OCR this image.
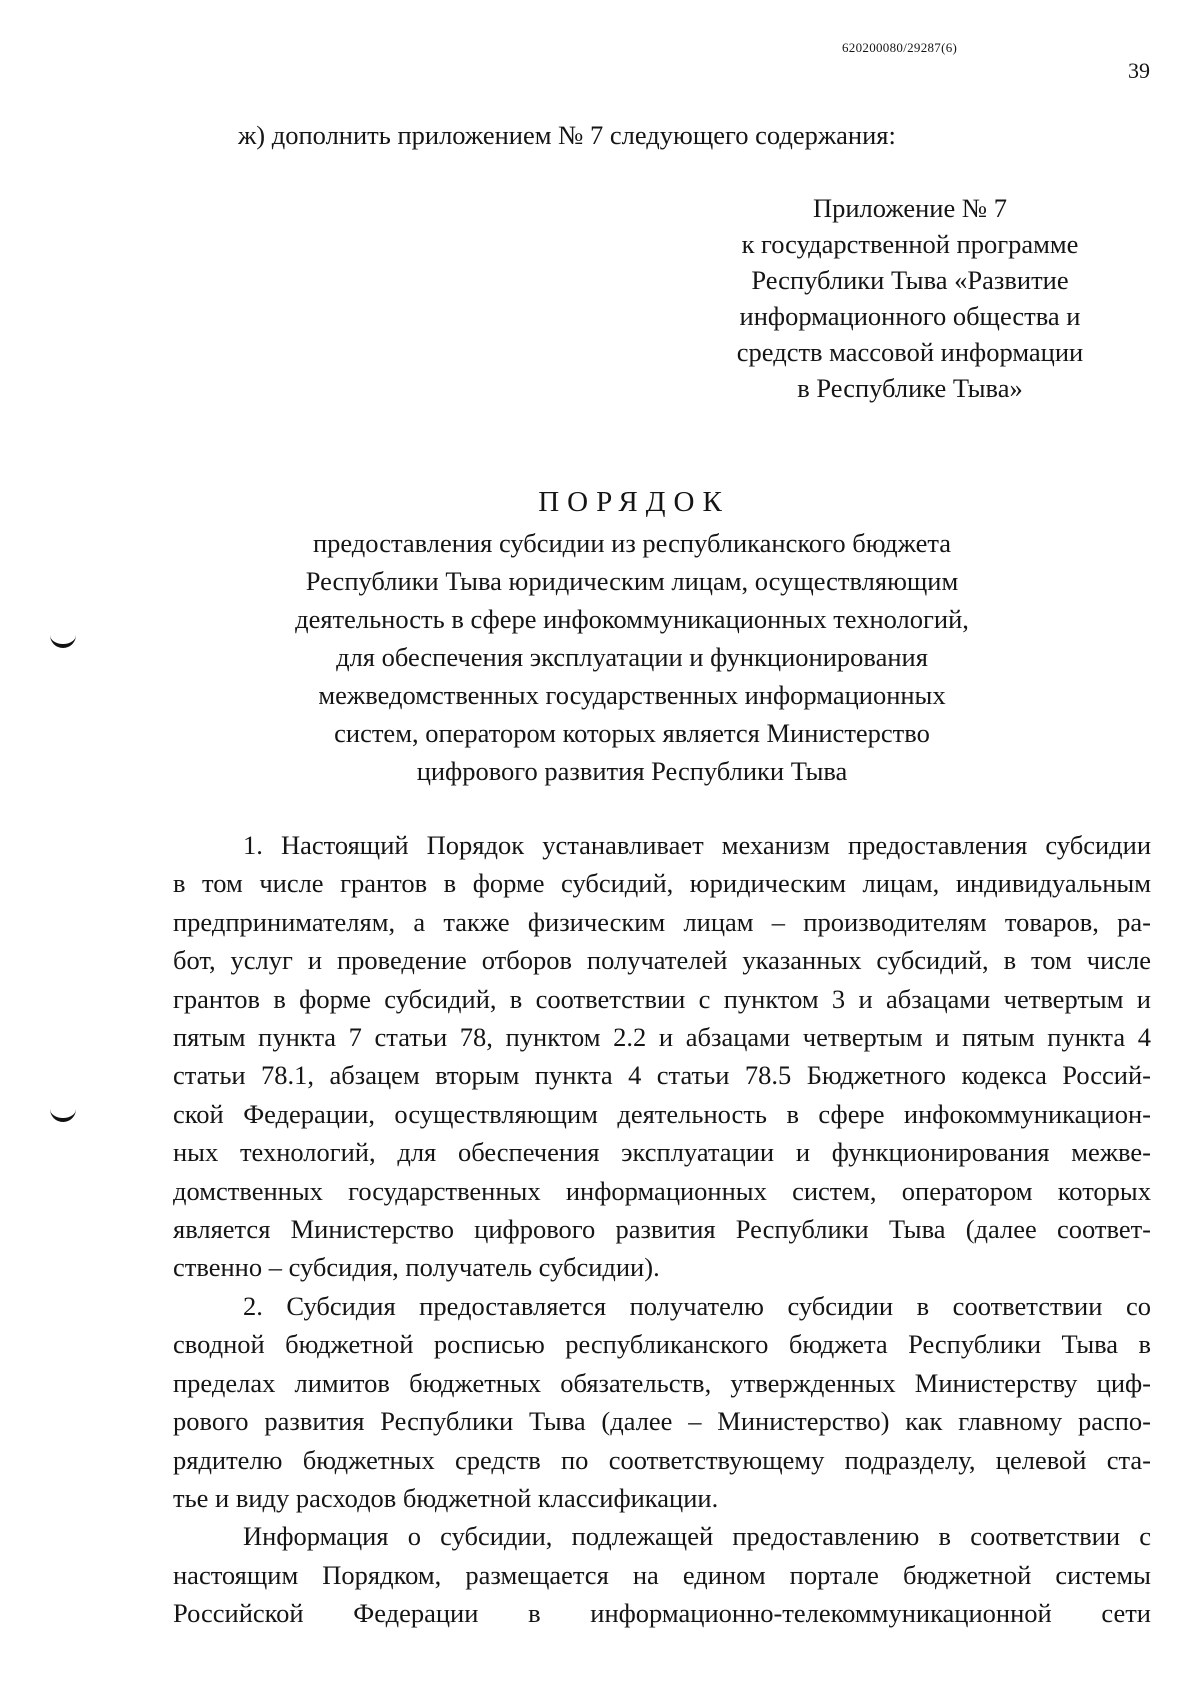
620200080/29287(6)
39
ж) дополнить приложением № 7 следующего содержания:
Приложение № 7
к государственной программе
Республики Тыва «Развитие
информационного общества и
средств массовой информации
в Республике Тыва»
ПОРЯДОК
предоставления субсидии из республиканского бюджета
Республики Тыва юридическим лицам, осуществляющим
деятельность в сфере инфокоммуникационных технологий,
для обеспечения эксплуатации и функционирования
межведомственных государственных информационных
систем, оператором которых является Министерство
цифрового развития Республики Тыва
1. Настоящий Порядок устанавливает механизм предоставления субсидии
в том числе грантов в форме субсидий, юридическим лицам, индивидуальным
предпринимателям, а также физическим лицам – производителям товаров, ра-
бот, услуг и проведение отборов получателей указанных субсидий, в том числе
грантов в форме субсидий, в соответствии с пунктом 3 и абзацами четвертым и
пятым пункта 7 статьи 78, пунктом 2.2 и абзацами четвертым и пятым пункта 4
статьи 78.1, абзацем вторым пункта 4 статьи 78.5 Бюджетного кодекса Россий-
ской Федерации, осуществляющим деятельность в сфере инфокоммуникацион-
ных технологий, для обеспечения эксплуатации и функционирования межве-
домственных государственных информационных систем, оператором которых
является Министерство цифрового развития Республики Тыва (далее соответ-
ственно – субсидия, получатель субсидии).
2. Субсидия предоставляется получателю субсидии в соответствии со
сводной бюджетной росписью республиканского бюджета Республики Тыва в
пределах лимитов бюджетных обязательств, утвержденных Министерству циф-
рового развития Республики Тыва (далее – Министерство) как главному распо-
рядителю бюджетных средств по соответствующему подразделу, целевой ста-
тье и виду расходов бюджетной классификации.
Информация о субсидии, подлежащей предоставлению в соответствии с
настоящим Порядком, размещается на едином портале бюджетной системы
Российской Федерации в информационно-телекоммуникационной сети
